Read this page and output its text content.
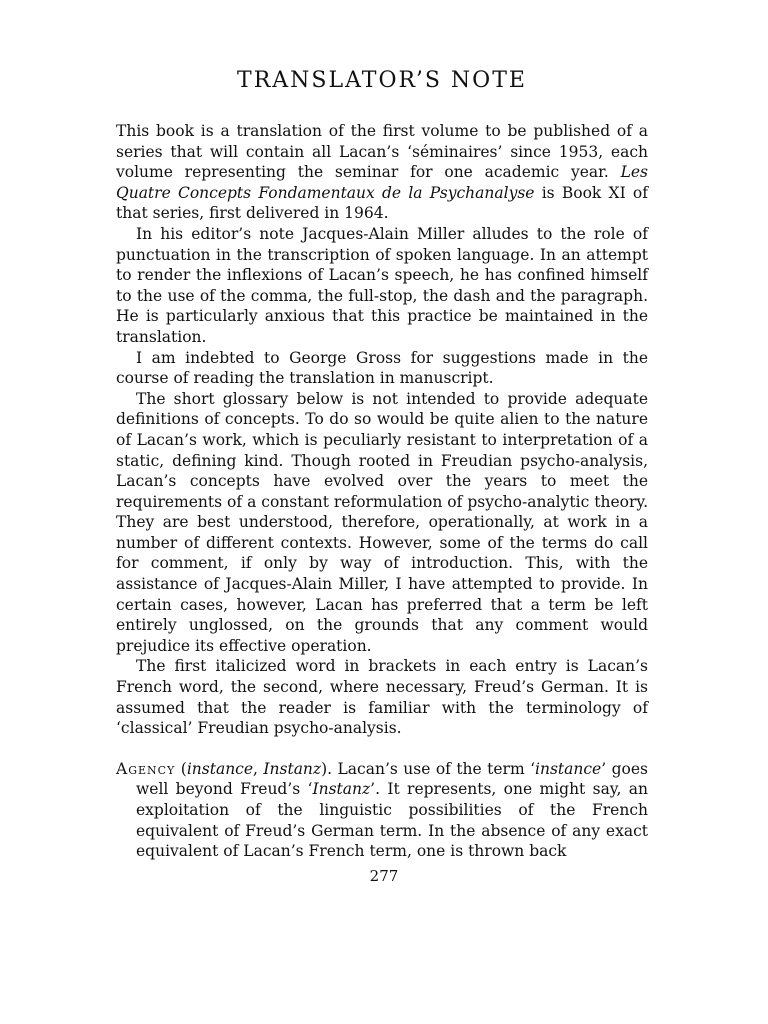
TRANSLATOR’S NOTE

This book is a translation of the first volume to be published of a series that will contain all Lacan’s ‘séminaires’ since 1953, each volume representing the seminar for one academic year. Les Quatre Concepts Fondamentaux de la Psychanalyse is Book XI of that series, first delivered in 1964.

In his editor’s note Jacques-Alain Miller alludes to the role of punctuation in the transcription of spoken language. In an attempt to render the inflexions of Lacan’s speech, he has confined himself to the use of the comma, the full-stop, the dash and the paragraph. He is particularly anxious that this practice be maintained in the translation.

I am indebted to George Gross for suggestions made in the course of reading the translation in manuscript.

The short glossary below is not intended to provide adequate definitions of concepts. To do so would be quite alien to the nature of Lacan’s work, which is peculiarly resistant to interpretation of a static, defining kind. Though rooted in Freudian psycho-analysis, Lacan’s concepts have evolved over the years to meet the requirements of a constant reformulation of psycho-analytic theory. They are best understood, therefore, operationally, at work in a number of different contexts. However, some of the terms do call for comment, if only by way of introduction. This, with the assistance of Jacques-Alain Miller, I have attempted to provide. In certain cases, however, Lacan has preferred that a term be left entirely unglossed, on the grounds that any comment would prejudice its effective operation.

The first italicized word in brackets in each entry is Lacan’s French word, the second, where necessary, Freud’s German. It is assumed that the reader is familiar with the terminology of ‘classical’ Freudian psycho-analysis.

Agency (instance, Instanz). Lacan’s use of the term ‘instance’ goes well beyond Freud’s ‘Instanz’. It represents, one might say, an exploitation of the linguistic possibilities of the French equivalent of Freud’s German term. In the absence of any exact equivalent of Lacan’s French term, one is thrown back

277
